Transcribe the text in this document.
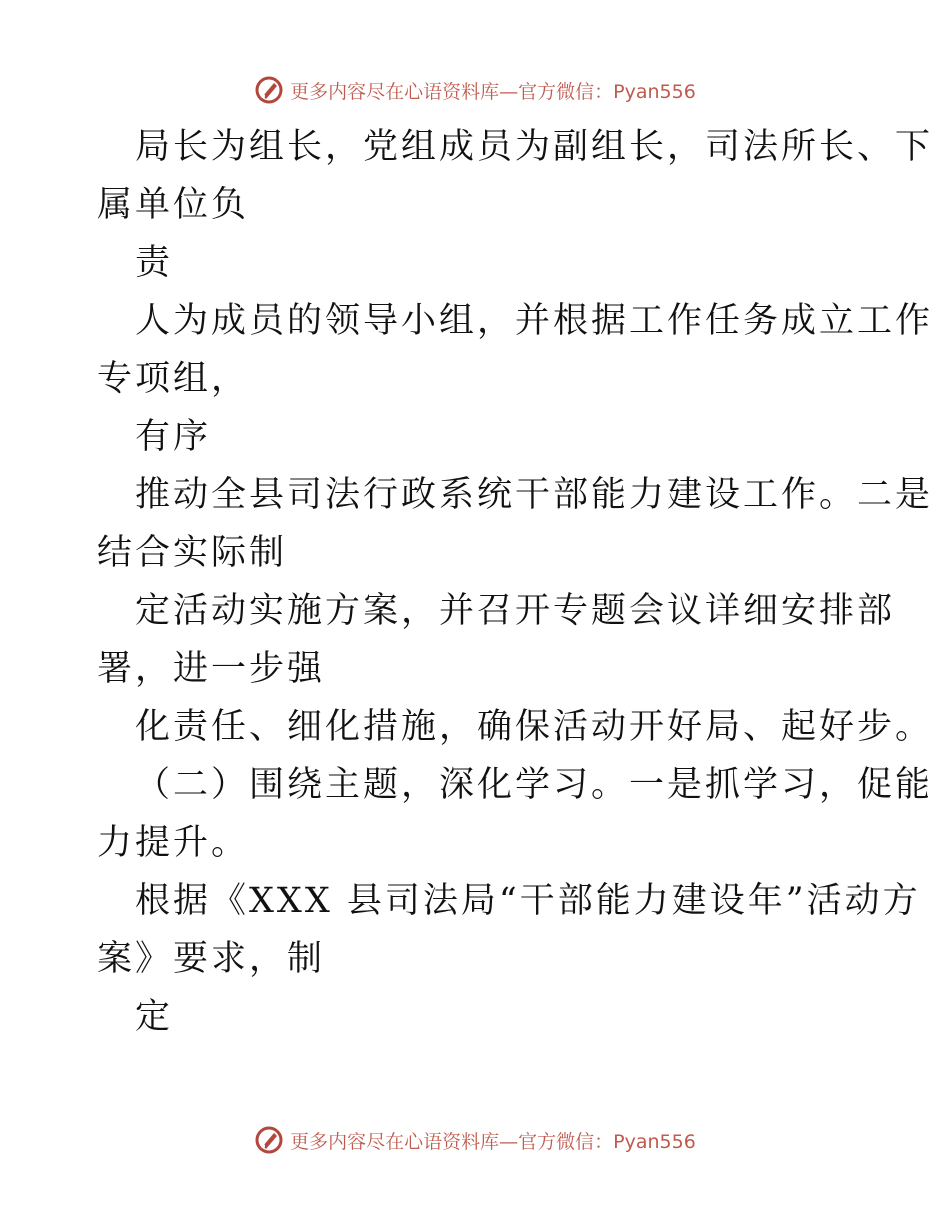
更多内容尽在心语资料库—官方微信：Pyan556
局长为组长，党组成员为副组长，司法所长、下
属单位负
责
人为成员的领导小组，并根据工作任务成立工作
专项组，
有序
推动全县司法行政系统干部能力建设工作。二是
结合实际制
定活动实施方案，并召开专题会议详细安排部
署，进一步强
化责任、细化措施，确保活动开好局、起好步。
（二）围绕主题，深化学习。一是抓学习，促能
力提升。
根据《XXX 县司法局“干部能力建设年”活动方
案》要求，制
定
更多内容尽在心语资料库—官方微信：Pyan556
